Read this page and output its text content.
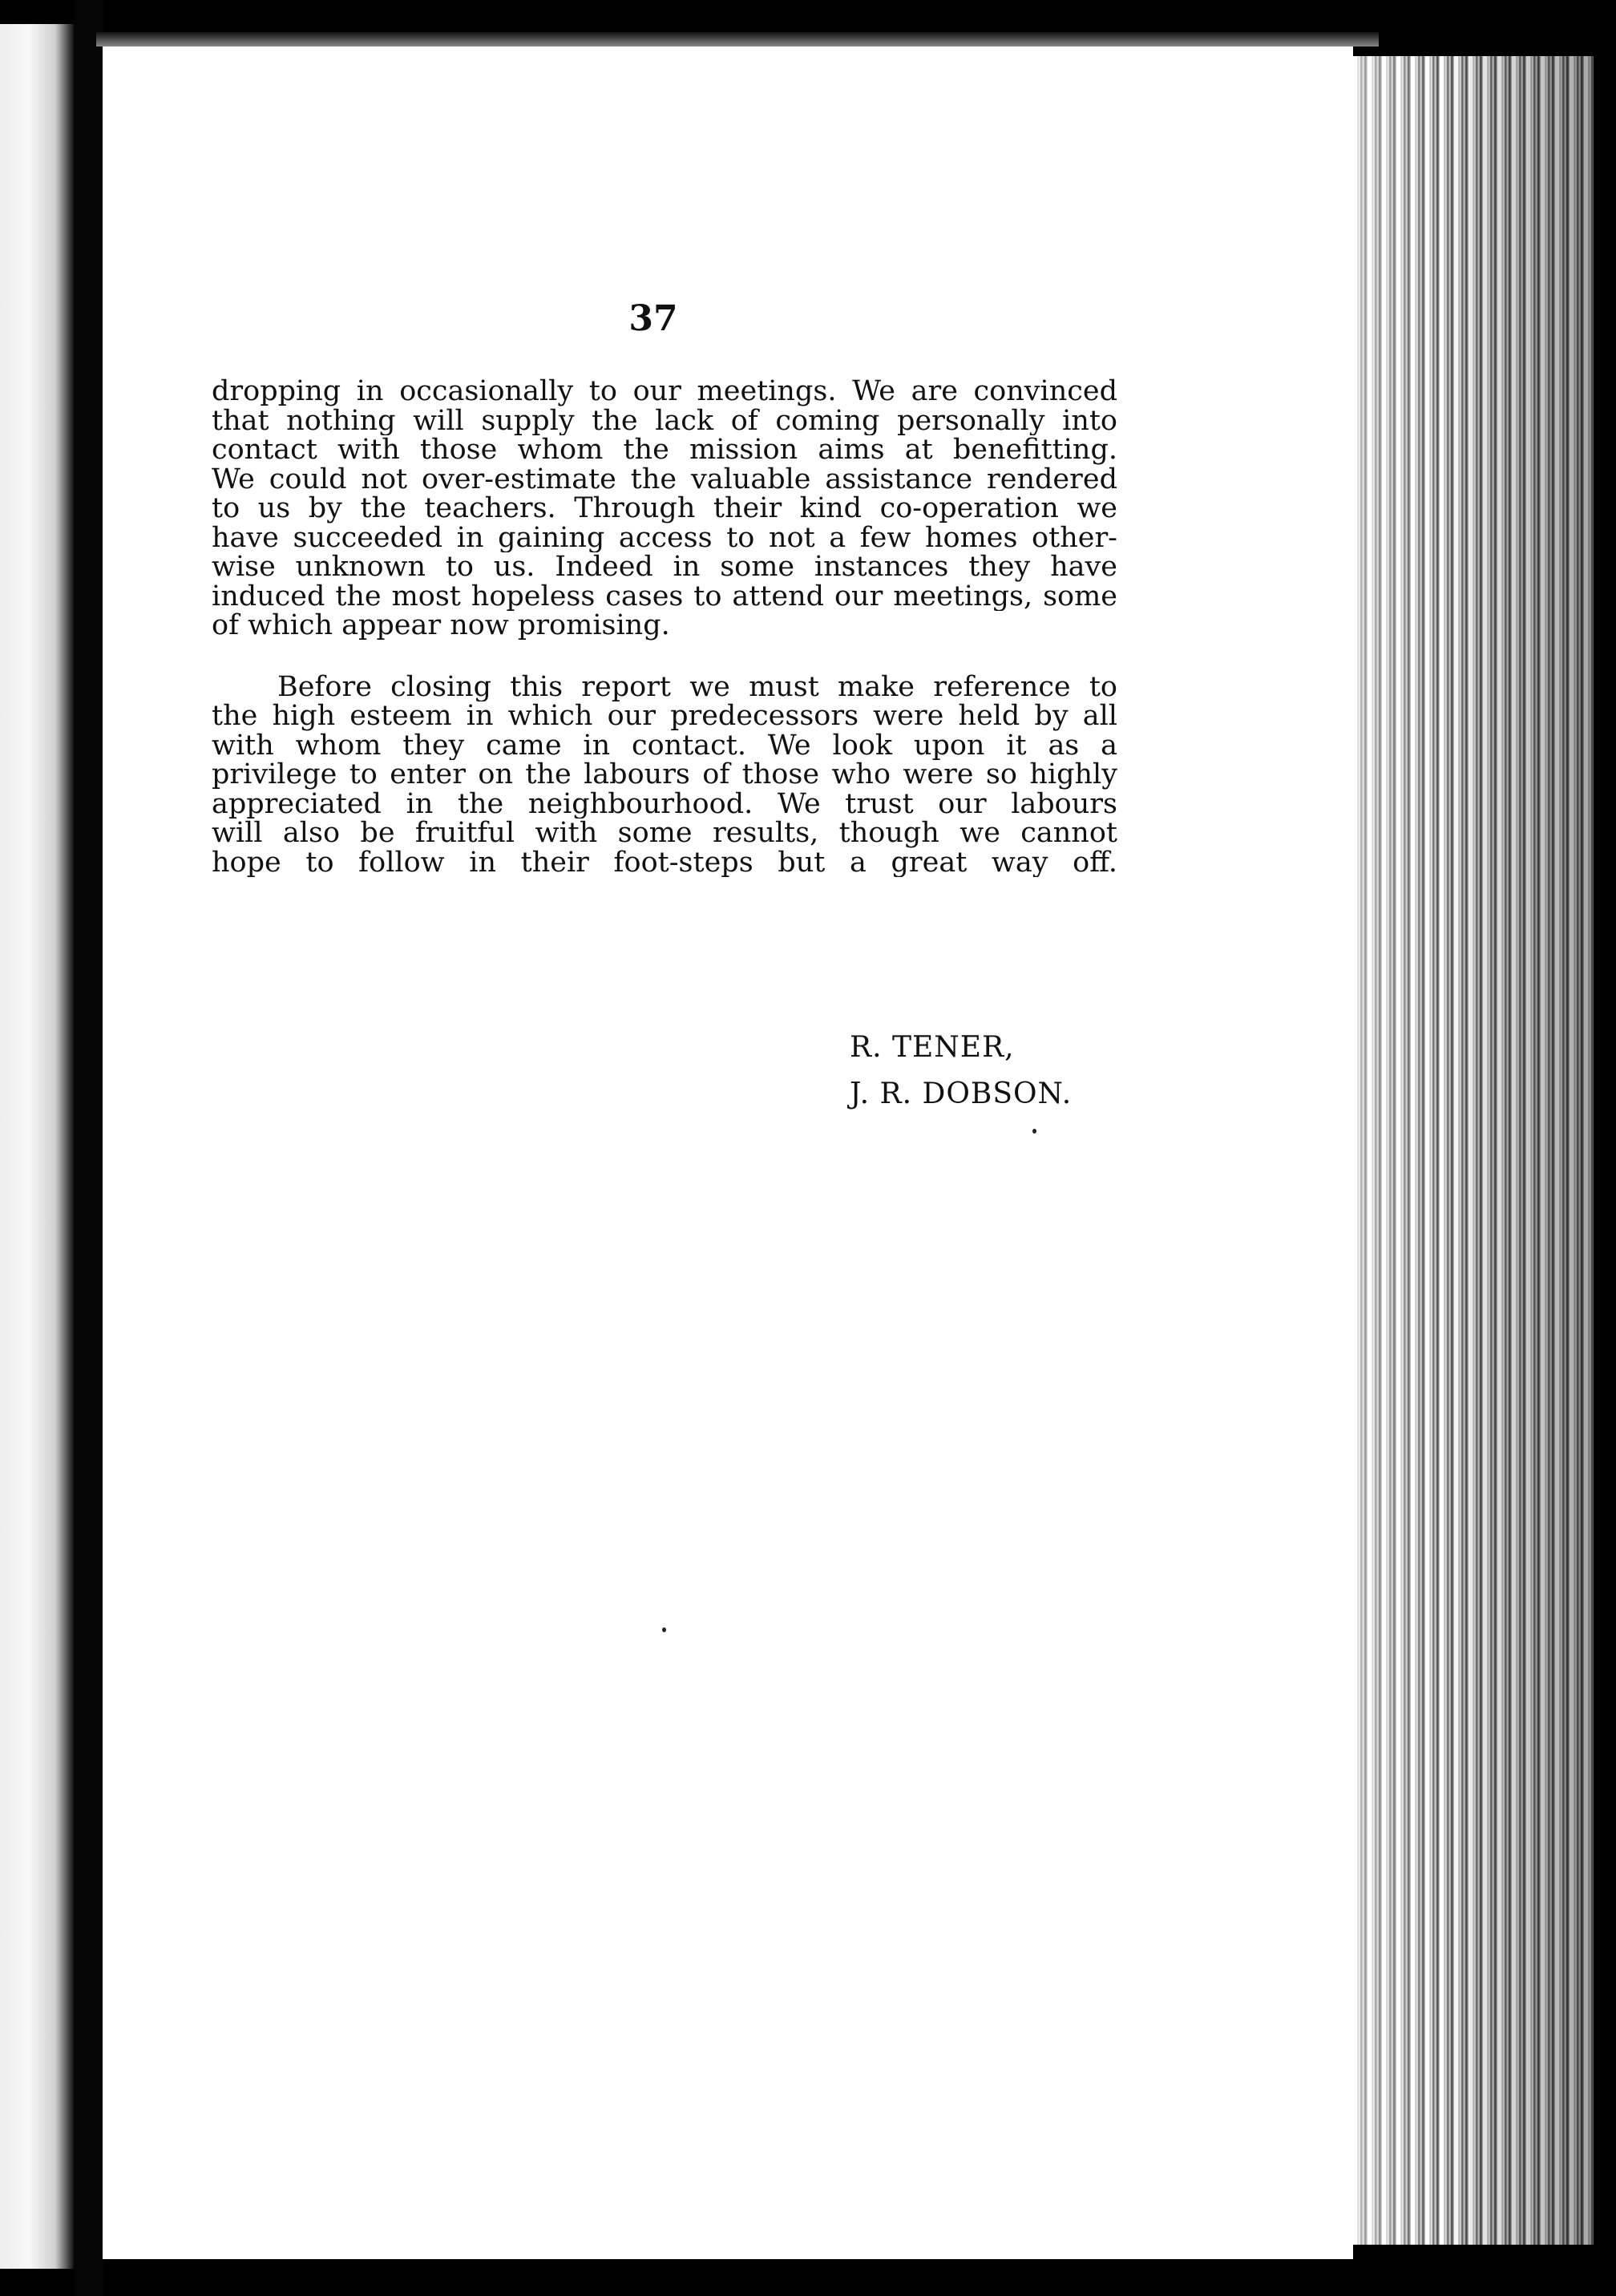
37
dropping in occasionally to our meetings. We are convinced
that nothing will supply the lack of coming personally into
contact with those whom the mission aims at benefitting.
We could not over-estimate the valuable assistance rendered
to us by the teachers. Through their kind co-operation we
have succeeded in gaining access to not a few homes other-
wise unknown to us. Indeed in some instances they have
induced the most hopeless cases to attend our meetings, some
of which appear now promising.
Before closing this report we must make reference to
the high esteem in which our predecessors were held by all
with whom they came in contact. We look upon it as a
privilege to enter on the labours of those who were so highly
appreciated in the neighbourhood. We trust our labours
will also be fruitful with some results, though we cannot
hope to follow in their foot-steps but a great way off.
R. TENER,
J. R. DOBSON.
